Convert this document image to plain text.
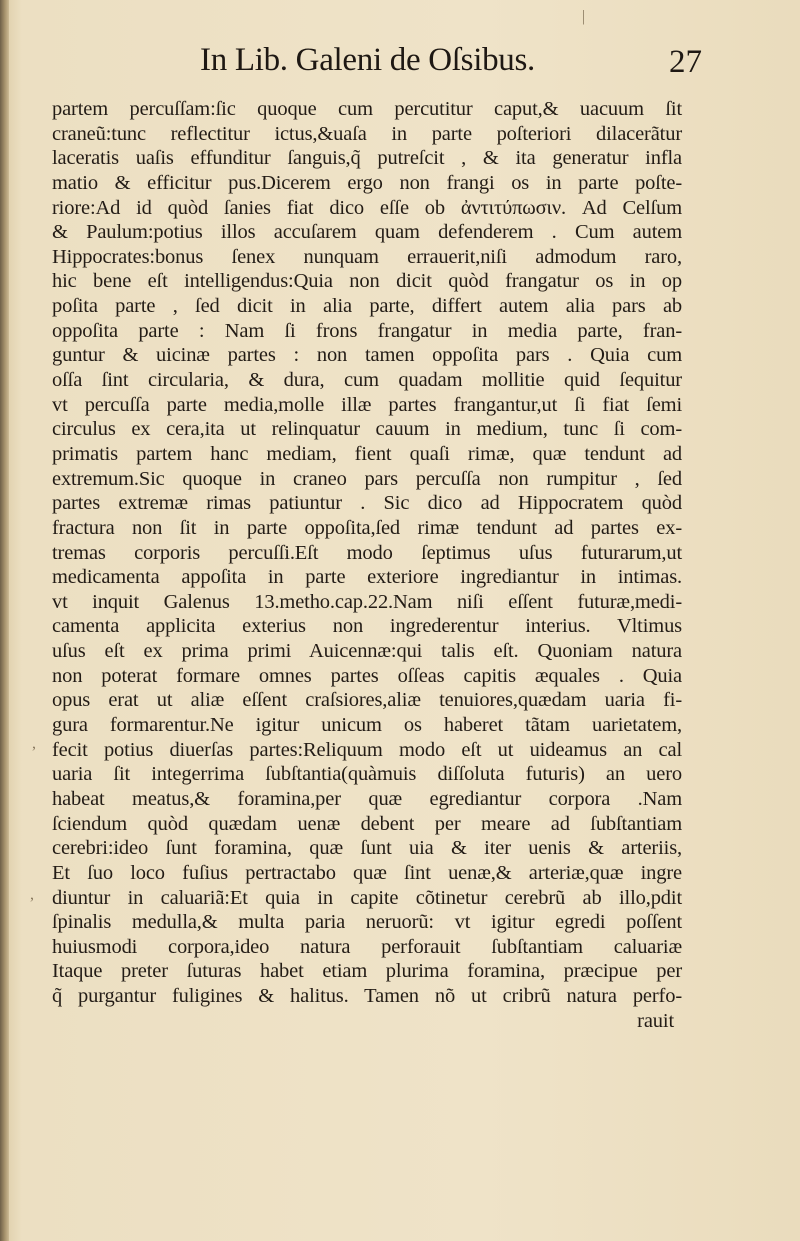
In Lib. Galeni de Oſsibus.	27
|
,
,
partem percuſſam:ſic quoque cum percutitur caput,& uacuum ſit
craneũ:tunc reflectitur ictus,&uaſa in parte poſteriori dilacerãtur
laceratis uaſis effunditur ſanguis,q̃ putreſcit , & ita generatur infla
matio & efficitur pus.Dicerem ergo non frangi os in parte poſte-
riore:Ad id quòd ſanies fiat dico eſſe ob ἀντιτύπωσιν. Ad Celſum
& Paulum:potius illos accuſarem quam defenderem . Cum autem
Hippocrates:bonus ſenex nunquam errauerit,niſi admodum raro,
hic bene eſt intelligendus:Quia non dicit quòd frangatur os in op
poſita parte , ſed dicit in alia parte, differt autem alia pars ab
oppoſita parte : Nam ſi frons frangatur in media parte, fran-
guntur & uicinæ partes : non tamen oppoſita pars . Quia cum
oſſa ſint circularia, & dura, cum quadam mollitie quid ſequitur
vt percuſſa parte media,molle illæ partes frangantur,ut ſi fiat ſemi
circulus ex cera,ita ut relinquatur cauum in medium, tunc ſi com-
primatis partem hanc mediam, fient quaſi rimæ, quæ tendunt ad
extremum.Sic quoque in craneo pars percuſſa non rumpitur , ſed
partes extremæ rimas patiuntur . Sic dico ad Hippocratem quòd
fractura non ſit in parte oppoſita,ſed rimæ tendunt ad partes ex-
tremas corporis percuſſi.Eſt modo ſeptimus uſus futurarum,ut
medicamenta appoſita in parte exteriore ingrediantur in intimas.
vt inquit Galenus 13.metho.cap.22.Nam niſi eſſent futuræ,medi-
camenta applicita exterius non ingrederentur interius. Vltimus
uſus eſt ex prima primi Auicennæ:qui talis eſt. Quoniam natura
non poterat formare omnes partes oſſeas capitis æquales . Quia
opus erat ut aliæ eſſent craſsiores,aliæ tenuiores,quædam uaria fi-
gura formarentur.Ne igitur unicum os haberet tãtam uarietatem,
fecit potius diuerſas partes:Reliquum modo eſt ut uideamus an cal
uaria ſit integerrima ſubſtantia(quàmuis diſſoluta futuris) an uero
habeat meatus,& foramina,per quæ egrediantur corpora .Nam
ſciendum quòd quædam uenæ debent per meare ad ſubſtantiam
cerebri:ideo ſunt foramina, quæ ſunt uia & iter uenis & arteriis,
Et ſuo loco fuſius pertractabo quæ ſint uenæ,& arteriæ,quæ ingre
diuntur in caluariã:Et quia in capite cõtinetur cerebrũ ab illo,pdit
ſpinalis medulla,& multa paria neruorũ: vt igitur egredi poſſent
huiusmodi corpora,ideo natura perforauit ſubſtantiam caluariæ
Itaque preter ſuturas habet etiam plurima foramina, præcipue per
q̃ purgantur fuligines & halitus. Tamen nõ ut cribrũ natura perfo-
rauit
